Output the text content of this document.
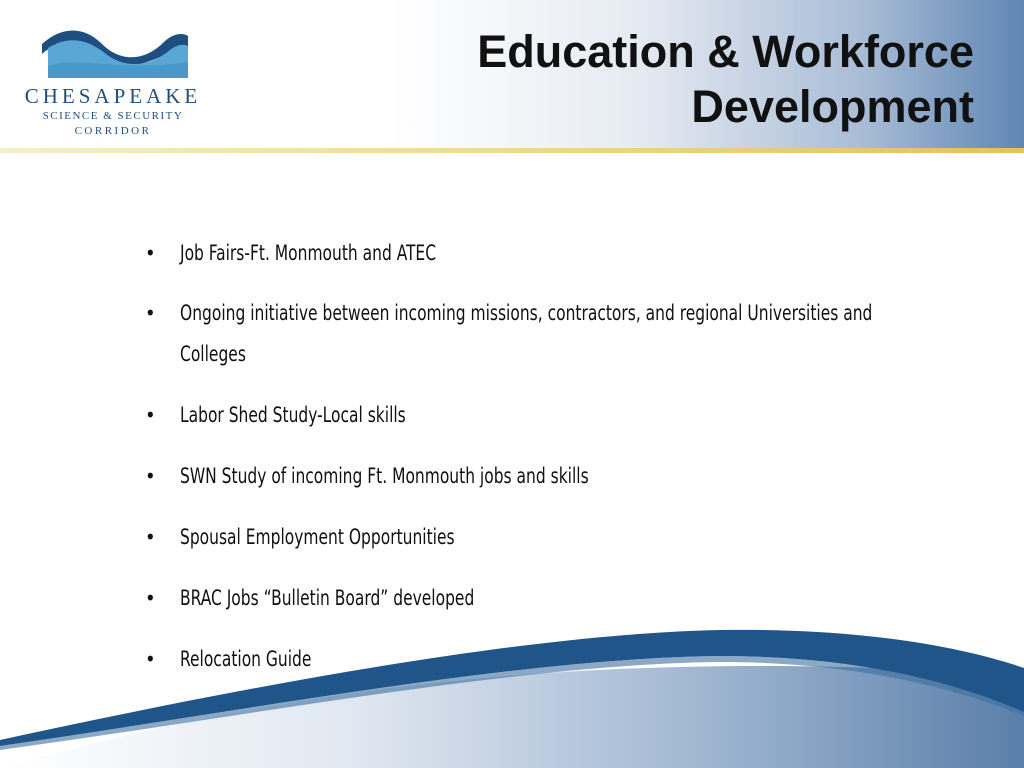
CHESAPEAKE
SCIENCE & SECURITY
CORRIDOR
Education & Workforce
Development
• Job Fairs-Ft. Monmouth and ATEC
• Ongoing initiative between incoming missions, contractors, and regional Universities and Colleges
• Labor Shed Study-Local skills
• SWN Study of incoming Ft. Monmouth jobs and skills
• Spousal Employment Opportunities
• BRAC Jobs “Bulletin Board” developed
• Relocation Guide
